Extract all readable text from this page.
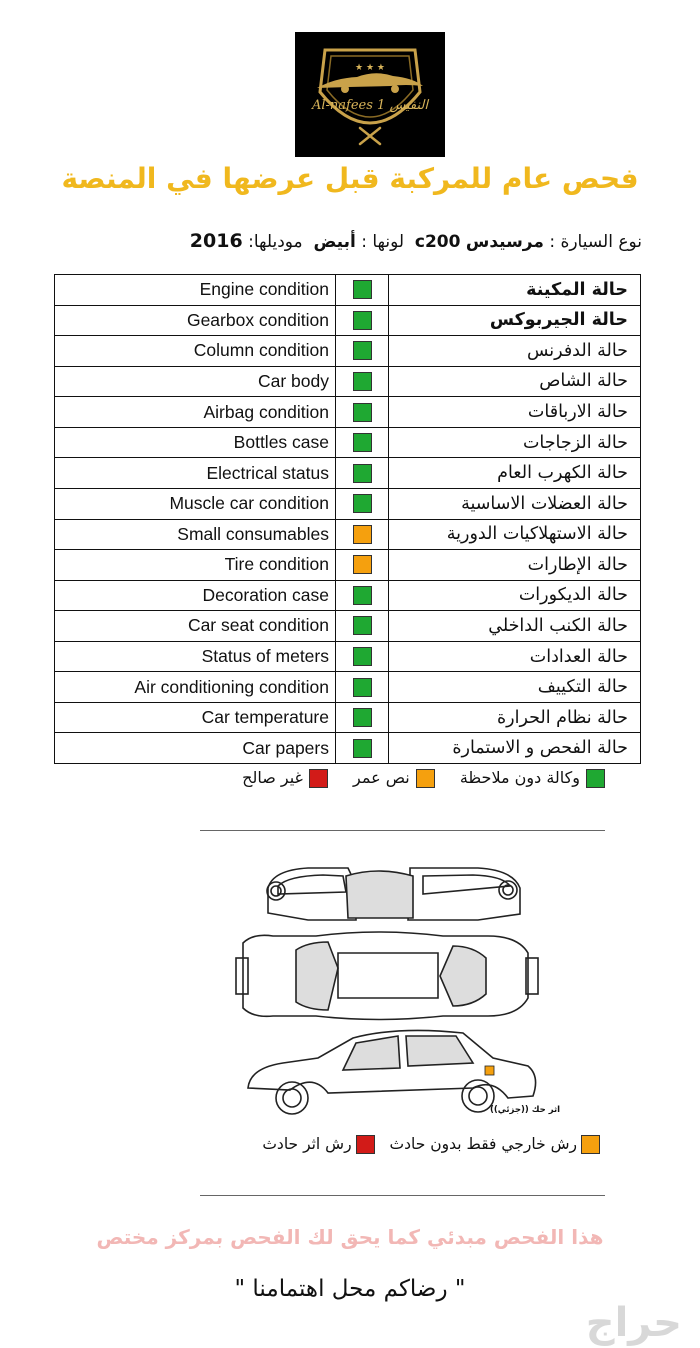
★ ★ ★
Al-nafees 1 النفيس
فحص عام للمركبة قبل عرضها في المنصة
نوع السيارة : مرسيدس c200  لونها : أبيض  موديلها: 2016
Engine condition		حالة المكينة
Gearbox condition		حالة الجيربوكس
Column condition		حالة الدفرنس
Car body		حالة الشاص
Airbag condition		حالة الارباقات
Bottles case		حالة الزجاجات
Electrical status		حالة الكهرب العام
Muscle car condition		حالة العضلات الاساسية
Small consumables		حالة الاستهلاكيات الدورية
Tire condition		حالة الإطارات
Decoration case		حالة الديكورات
Car seat condition		حالة الكنب الداخلي
Status of meters		حالة العدادات
Air conditioning condition		حالة التكييف
Car temperature		حالة نظام الحرارة
Car papers		حالة الفحص و الاستمارة
وكالة دون ملاحظة نص عمر غير صالح
اثر حك ((جزئي))
رش خارجي فقط بدون حادث رش اثر حادث
هذا الفحص مبدئي كما يحق لك الفحص بمركز مختص
" رضاكم محل اهتمامنا "
حراج
